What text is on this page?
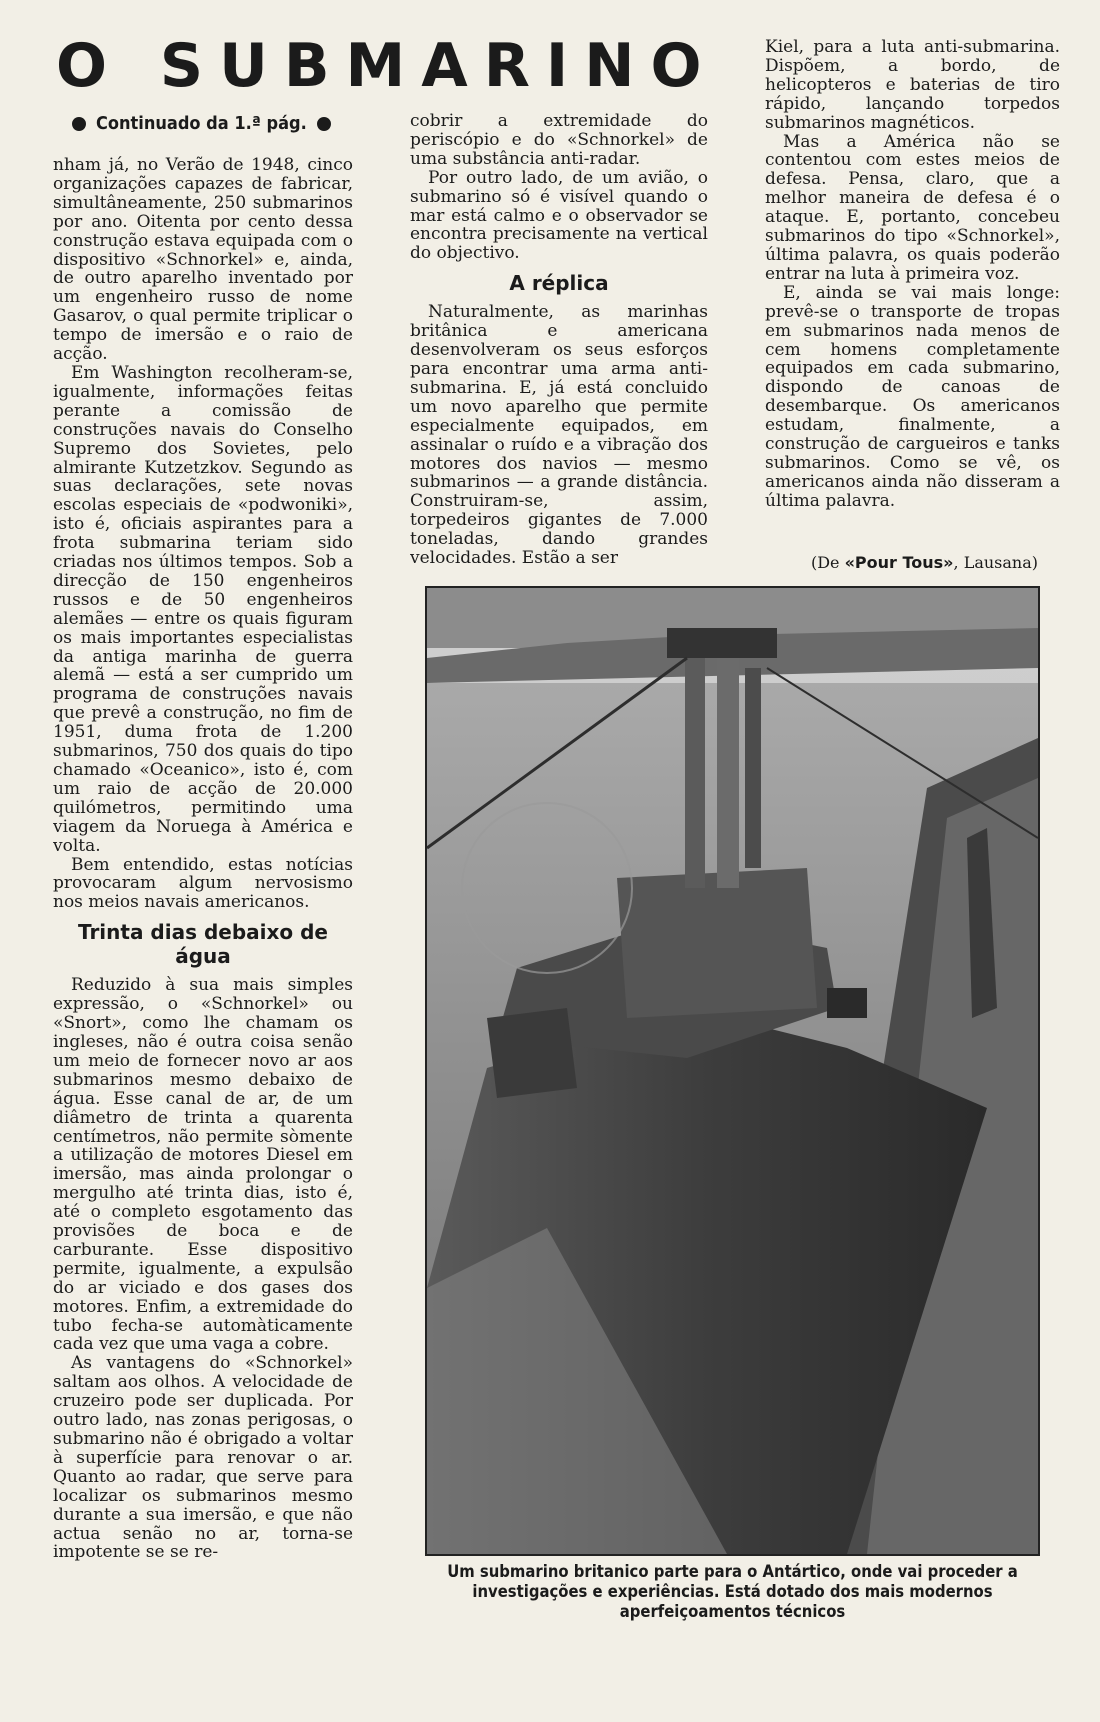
O SUBMARINO
Continuado da 1.ª pág.

nham já, no Verão de 1948, cinco organizações capazes de fabricar, simultâneamente, 250 submarinos por ano. Oitenta por cento dessa construção estava equipada com o dispositivo «Schnorkel» e, ainda, de outro aparelho inventado por um engenheiro russo de nome Gasarov, o qual permite triplicar o tempo de imersão e o raio de acção.

Em Washington recolheram-se, igualmente, informações feitas perante a comissão de construções navais do Conselho Supremo dos Sovietes, pelo almirante Kutzetzkov. Segundo as suas declarações, sete novas escolas especiais de «podwoniki», isto é, oficiais aspirantes para a frota submarina teriam sido criadas nos últimos tempos. Sob a direcção de 150 engenheiros russos e de 50 engenheiros alemães — entre os quais figuram os mais importantes especialistas da antiga marinha de guerra alemã — está a ser cumprido um programa de construções navais que prevê a construção, no fim de 1951, duma frota de 1.200 submarinos, 750 dos quais do tipo chamado «Oceanico», isto é, com um raio de acção de 20.000 quilómetros, permitindo uma viagem da Noruega à América e volta.

Bem entendido, estas notícias provocaram algum nervosismo nos meios navais americanos.

Trinta dias debaixo de água

Reduzido à sua mais simples expressão, o «Schnorkel» ou «Snort», como lhe chamam os ingleses, não é outra coisa senão um meio de fornecer novo ar aos submarinos mesmo debaixo de água. Esse canal de ar, de um diâmetro de trinta a quarenta centímetros, não permite sòmente a utilização de motores Diesel em imersão, mas ainda prolongar o mergulho até trinta dias, isto é, até o completo esgotamento das provisões de boca e de carburante. Esse dispositivo permite, igualmente, a expulsão do ar viciado e dos gases dos motores. Enfim, a extremidade do tubo fecha-se automàticamente cada vez que uma vaga a cobre.

As vantagens do «Schnorkel» saltam aos olhos. A velocidade de cruzeiro pode ser duplicada. Por outro lado, nas zonas perigosas, o submarino não é obrigado a voltar à superfície para renovar o ar. Quanto ao radar, que serve para localizar os submarinos mesmo durante a sua imersão, e que não actua senão no ar, torna-se impotente se se re-

cobrir a extremidade do periscópio e do «Schnorkel» de uma substância anti-radar.

Por outro lado, de um avião, o submarino só é visível quando o mar está calmo e o observador se encontra precisamente na vertical do objectivo.

A réplica

Naturalmente, as marinhas britânica e americana desenvolveram os seus esforços para encontrar uma arma anti-submarina. E, já está concluido um novo aparelho que permite especialmente equipados, em assinalar o ruído e a vibração dos motores dos navios — mesmo submarinos — a grande distância. Construiram-se, assim, torpedeiros gigantes de 7.000 toneladas, dando grandes velocidades. Estão a ser

Kiel, para a luta anti-submarina. Dispõem, a bordo, de helicopteros e baterias de tiro rápido, lançando torpedos submarinos magnéticos.

Mas a América não se contentou com estes meios de defesa. Pensa, claro, que a melhor maneira de defesa é o ataque. E, portanto, concebeu submarinos do tipo «Schnorkel», última palavra, os quais poderão entrar na luta à primeira voz.

E, ainda se vai mais longe: prevê-se o transporte de tropas em submarinos nada menos de cem homens completamente equipados em cada submarino, dispondo de canoas de desembarque. Os americanos estudam, finalmente, a construção de cargueiros e tanks submarinos. Como se vê, os americanos ainda não disseram a última palavra.

(De «Pour Tous», Lausana)
Um submarino britanico parte para o Antártico, onde vai proceder a investigações e experiências. Está dotado dos mais modernos aperfeiçoamentos técnicos
